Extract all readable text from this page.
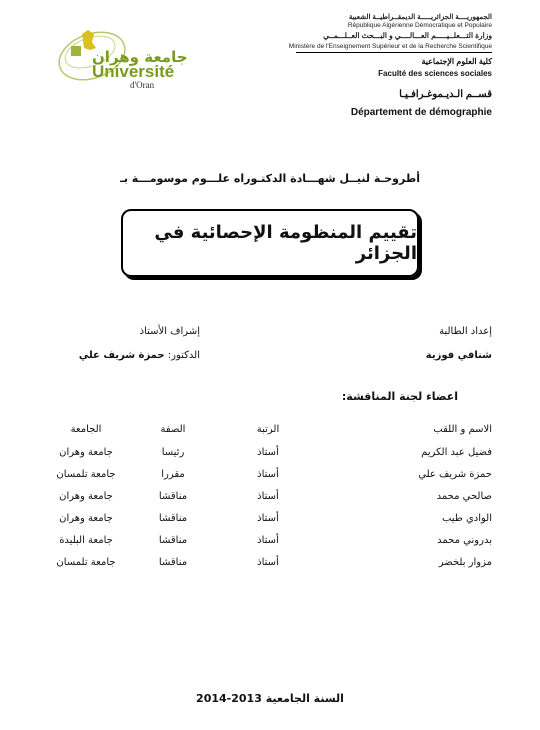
جامعة وهران
Université
d'Oran
الجمهوريــــة الجزائريـــــة الديمقــراطيــة الشعبية
République Algérienne Démocratique et Populaire
وزارة التـــعلــيـــــم العـــالــــي و البـــحث العــلـــمــي
Ministère de l'Enseignement Supérieur et de la Recherche Scientifique
كلية العلوم الإجتماعية
Faculté des sciences sociales
قســم الـديـموغـرافـيـا
Département de démographie
أطروحـة لنيــل شهـــادة الدكتـوراه علـــوم موسومـــة بـ
تقييم المنظومة الإحصائية في الجزائر
إعداد الطالبة
شنافي فوزية
إشراف الأستاذ
الدكتور: حمزة شريف علي
اعضاء لجنة المناقشة:
الاسم و اللقب
الرتبة
الصفة
الجامعة
فضيل عبد الكريم
أستاذ
رئيسا
جامعة وهران
حمزة شريف علي
أستاذ
مقررا
جامعة تلمسان
صالحي محمد
أستاذ
مناقشا
جامعة وهران
الوادي طيب
أستاذ
مناقشا
جامعة وهران
بدروني محمد
أستاذ
مناقشا
جامعة البليدة
مزوار بلخضر
أستاذ
مناقشا
جامعة تلمسان
السنة الجامعية 2013-2014
